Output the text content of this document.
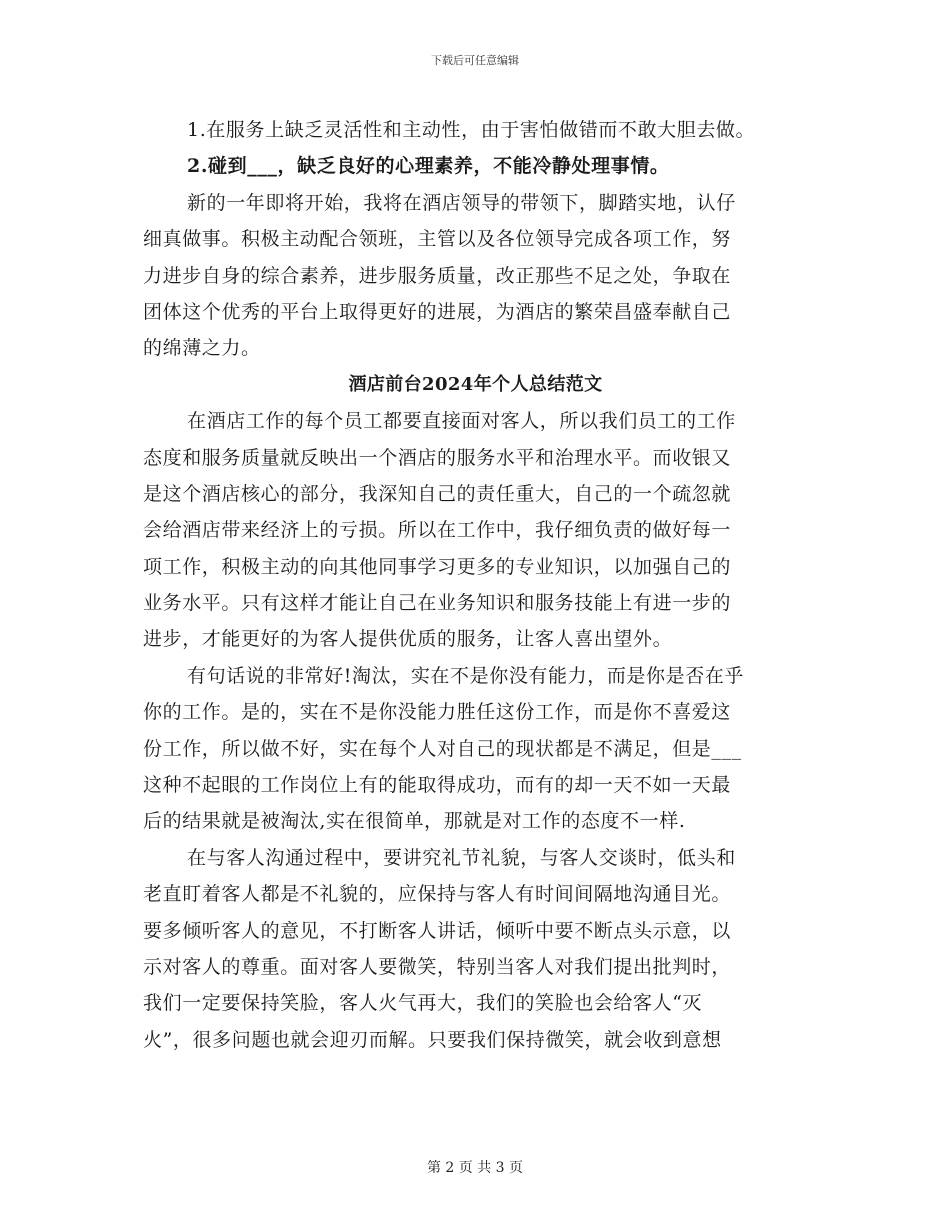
下载后可任意编辑
1.在服务上缺乏灵活性和主动性，由于害怕做错而不敢大胆去做。
2.碰到___，缺乏良好的心理素养，不能冷静处理事情。
新的一年即将开始，我将在酒店领导的带领下，脚踏实地，认仔
细真做事。积极主动配合领班，主管以及各位领导完成各项工作，努
力进步自身的综合素养，进步服务质量，改正那些不足之处，争取在
团体这个优秀的平台上取得更好的进展，为酒店的繁荣昌盛奉献自己
的绵薄之力。
酒店前台2024年个人总结范文
在酒店工作的每个员工都要直接面对客人，所以我们员工的工作
态度和服务质量就反映出一个酒店的服务水平和治理水平。而收银又
是这个酒店核心的部分，我深知自己的责任重大，自己的一个疏忽就
会给酒店带来经济上的亏损。所以在工作中，我仔细负责的做好每一
项工作，积极主动的向其他同事学习更多的专业知识，以加强自己的
业务水平。只有这样才能让自己在业务知识和服务技能上有进一步的
进步，才能更好的为客人提供优质的服务，让客人喜出望外。
有句话说的非常好!淘汰，实在不是你没有能力，而是你是否在乎
你的工作。是的，实在不是你没能力胜任这份工作，而是你不喜爱这
份工作，所以做不好，实在每个人对自己的现状都是不满足，但是___
这种不起眼的工作岗位上有的能取得成功，而有的却一天不如一天最
后的结果就是被淘汰,实在很简单，那就是对工作的态度不一样.
在与客人沟通过程中，要讲究礼节礼貌，与客人交谈时，低头和
老直盯着客人都是不礼貌的，应保持与客人有时间间隔地沟通目光。
要多倾听客人的意见，不打断客人讲话，倾听中要不断点头示意，以
示对客人的尊重。面对客人要微笑，特别当客人对我们提出批判时，
我们一定要保持笑脸，客人火气再大，我们的笑脸也会给客人“灭
火”，很多问题也就会迎刃而解。只要我们保持微笑，就会收到意想
第 2 页 共 3 页
